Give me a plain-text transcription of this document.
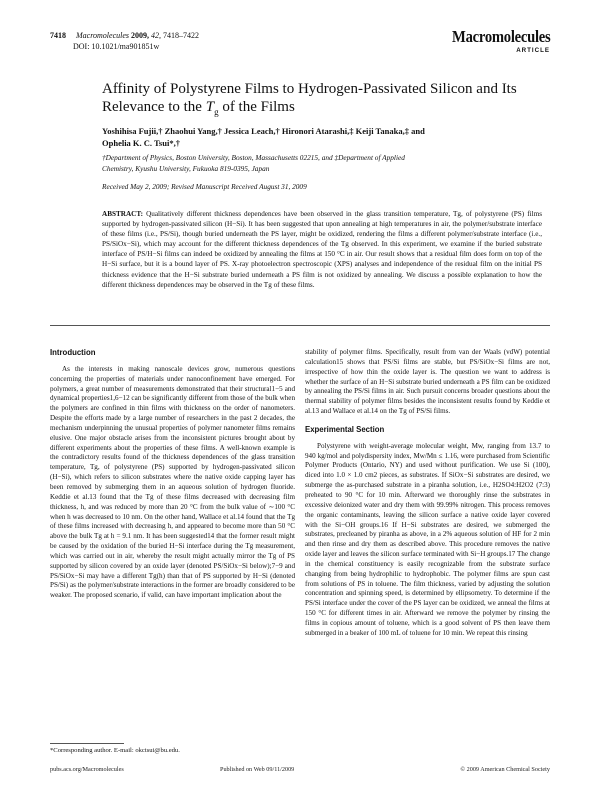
7418 Macromolecules 2009, 42, 7418–7422
DOI: 10.1021/ma901851w
Macromolecules
ARTICLE
Affinity of Polystyrene Films to Hydrogen-Passivated Silicon and Its
Relevance to the $T_g$ of the Films
Yoshihisa Fujii,† Zhaohui Yang,† Jessica Leach,† Hironori Atarashi,‡ Keiji Tanaka,‡ and
Ophelia K. C. Tsui*,†
†Department of Physics, Boston University, Boston, Massachusetts 02215, and ‡Department of Applied
Chemistry, Kyushu University, Fukuoka 819-0395, Japan
Received May 2, 2009; Revised Manuscript Received August 31, 2009
ABSTRACT: Qualitatively different thickness dependences have been observed in the glass transition temperature, Tg, of polystyrene (PS) films supported by hydrogen-passivated silicon (H−Si). It has been suggested that upon annealing at high temperatures in air, the polymer/substrate interface of these films (i.e., PS/Si), though buried underneath the PS layer, might be oxidized, rendering the films a different polymer/substrate interface (i.e., PS/SiOx−Si), which may account for the different thickness dependences of the Tg observed. In this experiment, we examine if the buried substrate interface of PS/H−Si films can indeed be oxidized by annealing the films at 150 °C in air. Our result shows that a residual film does form on top of the H−Si surface, but it is a bound layer of PS. X-ray photoelectron spectroscopic (XPS) analyses and independence of the residual film on the initial PS thickness evidence that the H−Si substrate buried underneath a PS film is not oxidized by annealing. We discuss a possible explanation to how the different thickness dependences may be observed in the Tg of these films.
Introduction

As the interests in making nanoscale devices grow, numerous questions concerning the properties of materials under nanoconfinement have emerged. For polymers, a great number of measurements demonstrated that their structural1−5 and dynamical properties1,6−12 can be significantly different from those of the bulk when the polymers are confined in thin films with thickness on the order of nanometers. Despite the efforts made by a large number of researchers in the past 2 decades, the mechanism underpinning the unusual properties of polymer nanometer films remains elusive. One major obstacle arises from the inconsistent pictures brought about by different experiments about the properties of these films. A well-known example is the contradictory results found of the thickness dependences of the glass transition temperature, Tg, of polystyrene (PS) supported by hydrogen-passivated silicon (H−Si), which refers to silicon substrates where the native oxide capping layer has been removed by submerging them in an aqueous solution of hydrogen fluoride. Keddie et al.13 found that the Tg of these films decreased with decreasing film thickness, h, and was reduced by more than 20 °C from the bulk value of ∼100 °C when h was decreased to 10 nm. On the other hand, Wallace et al.14 found that the Tg of these films increased with decreasing h, and appeared to become more than 50 °C above the bulk Tg at h = 9.1 nm. It has been suggested14 that the former result might be caused by the oxidation of the buried H−Si interface during the Tg measurement, which was carried out in air, whereby the result might actually mirror the Tg of PS supported by silicon covered by an oxide layer (denoted PS/SiOx−Si below);7−9 and PS/SiOx−Si may have a different Tg(h) than that of PS supported by H−Si (denoted PS/Si) as the polymer/substrate interactions in the former are broadly considered to be weaker. The proposed scenario, if valid, can have important implication about the

stability of polymer films. Specifically, result from van der Waals (vdW) potential calculation15 shows that PS/Si films are stable, but PS/SiOx−Si films are not, irrespective of how thin the oxide layer is. The question we want to address is whether the surface of an H−Si substrate buried underneath a PS film can be oxidized by annealing the PS/Si films in air. Such pursuit concerns broader questions about the thermal stability of polymer films besides the inconsistent results found by Keddie et al.13 and Wallace et al.14 on the Tg of PS/Si films.

Experimental Section

Polystyrene with weight-average molecular weight, Mw, ranging from 13.7 to 940 kg/mol and polydispersity index, Mw/Mn ≤ 1.16, were purchased from Scientific Polymer Products (Ontario, NY) and used without purification. We use Si (100), diced into 1.0 × 1.0 cm2 pieces, as substrates. If SiOx−Si substrates are desired, we submerge the as-purchased substrate in a piranha solution, i.e., H2SO4:H2O2 (7:3) preheated to 90 °C for 10 min. Afterward we thoroughly rinse the substrates in excessive deionized water and dry them with 99.99% nitrogen. This process removes the organic contaminants, leaving the silicon surface a native oxide layer covered with the Si−OH groups.16 If H−Si substrates are desired, we submerged the substrates, precleaned by piranha as above, in a 2% aqueous solution of HF for 2 min and then rinse and dry them as described above. This procedure removes the native oxide layer and leaves the silicon surface terminated with Si−H groups.17 The change in the chemical constituency is easily recognizable from the substrate surface changing from being hydrophilic to hydrophobic. The polymer films are spun cast from solutions of PS in toluene. The film thickness, varied by adjusting the solution concentration and spinning speed, is determined by ellipsometry. To determine if the PS/Si interface under the cover of the PS layer can be oxidized, we anneal the films at 150 °C for different times in air. Afterward we remove the polymer by rinsing the films in copious amount of toluene, which is a good solvent of PS then leave them submerged in a beaker of 100 mL of toluene for 10 min. We repeat this rinsing

*Corresponding author. E-mail: okctsui@bu.edu.
pubs.acs.org/Macromolecules	Published on Web 09/11/2009	© 2009 American Chemical Society
